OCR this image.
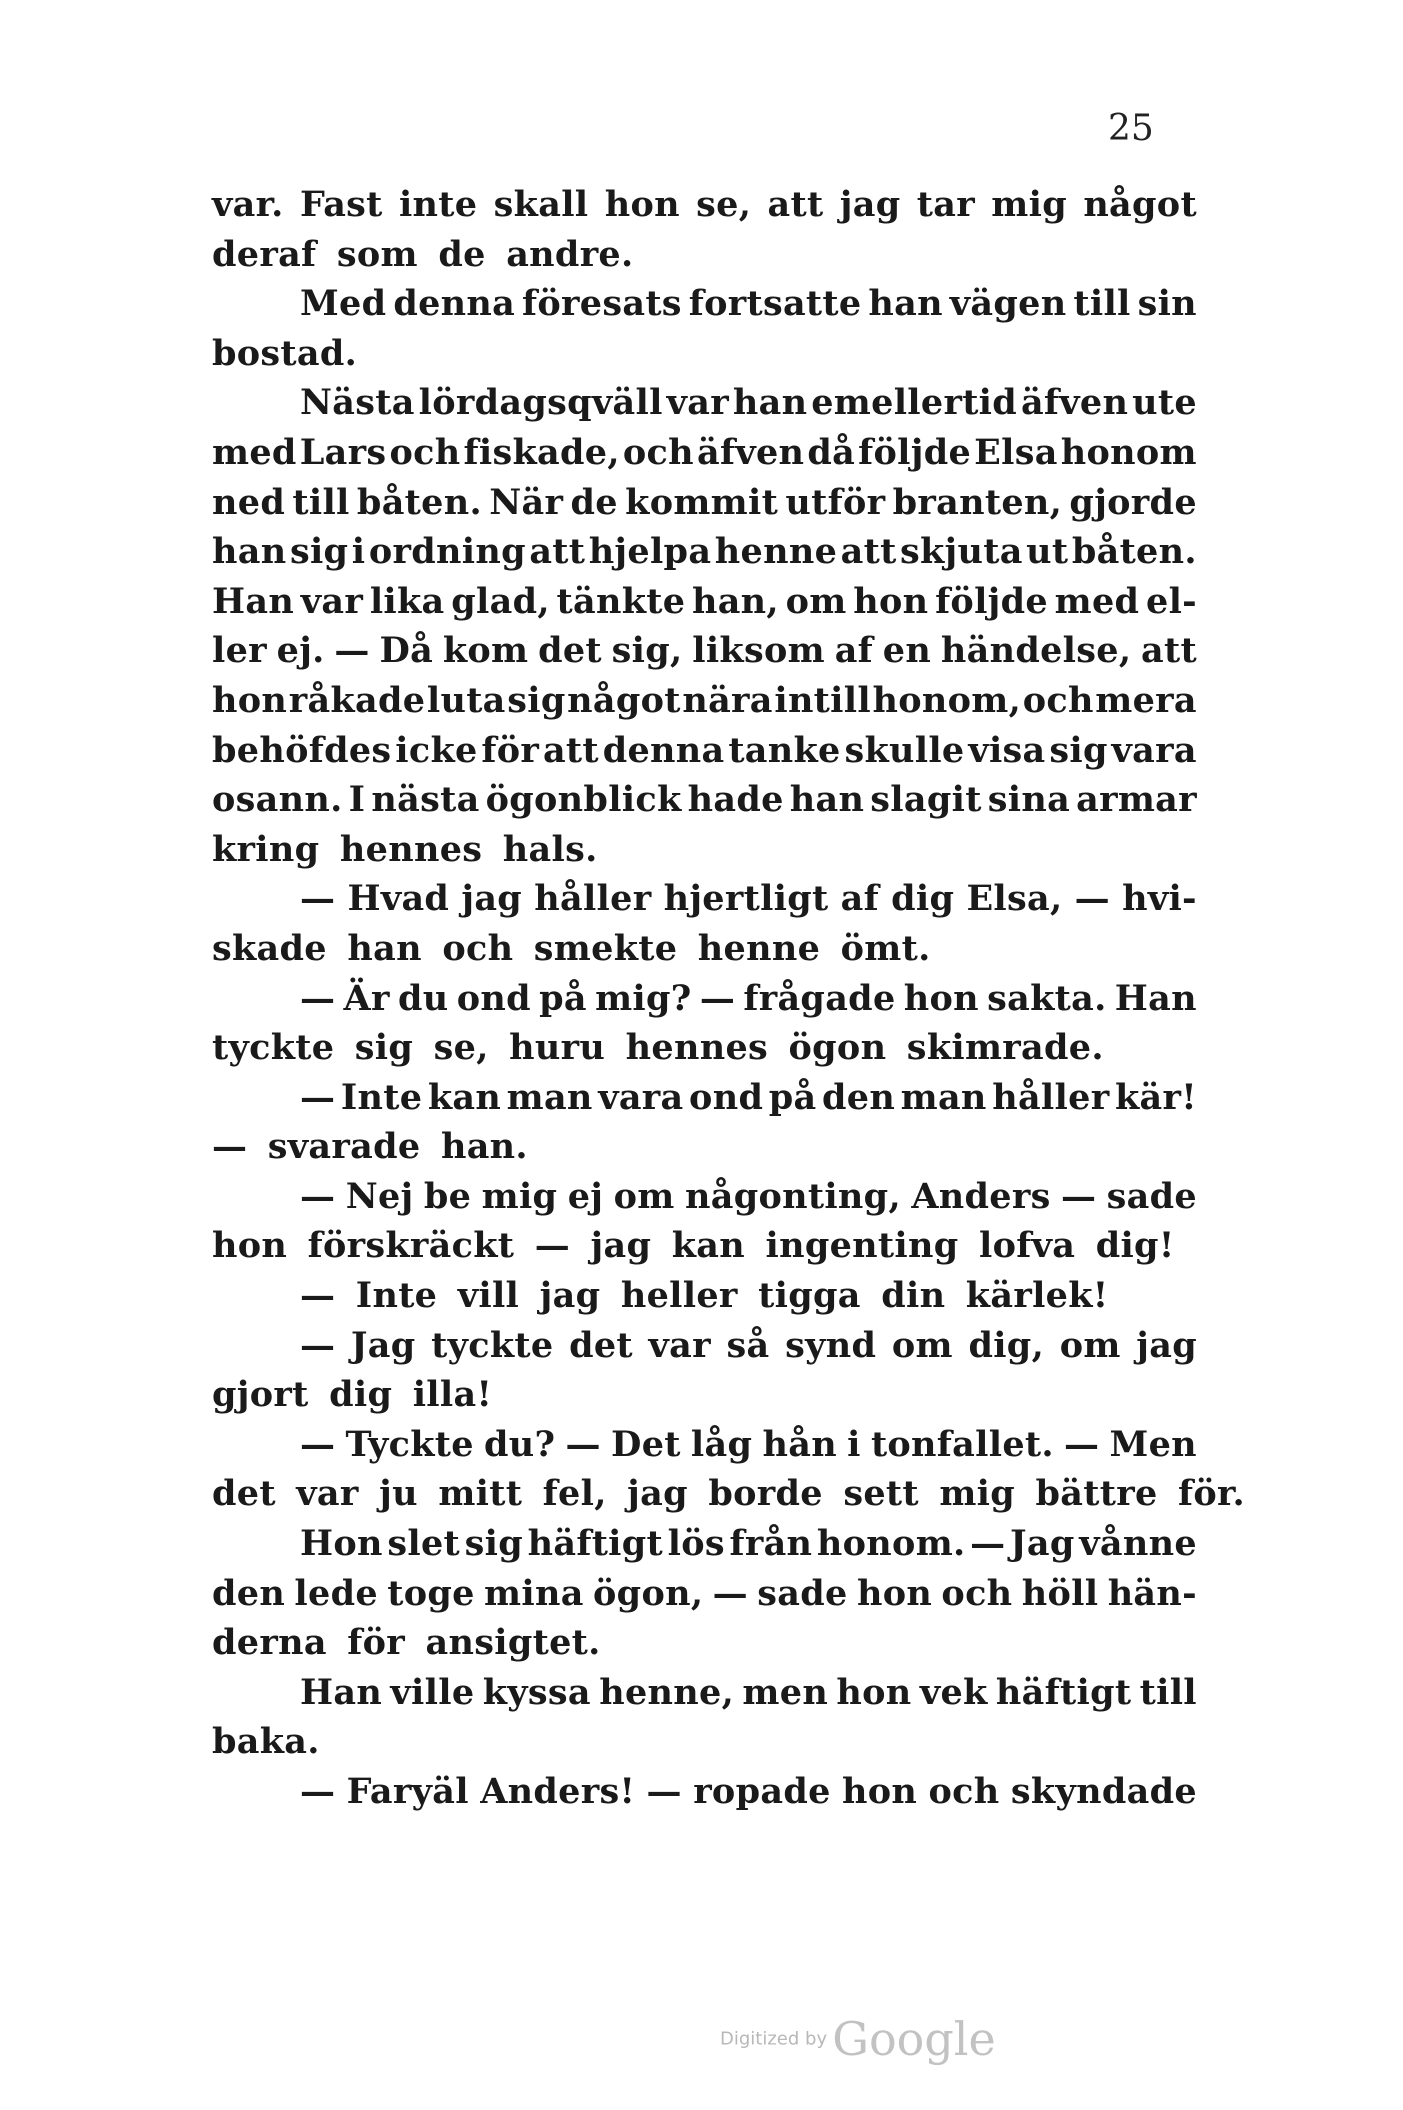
25
var. Fast inte skall hon se, att jag tar mig något
deraf som de andre.
Med denna föresats fortsatte han vägen till sin
bostad.
Nästa lördagsqväll var han emellertid äfven ute
med Lars och fiskade, och äfven då följde Elsa honom
ned till båten. När de kommit utför branten, gjorde
han sig i ordning att hjelpa henne att skjuta ut båten.
Han var lika glad, tänkte han, om hon följde med el-
ler ej. — Då kom det sig, liksom af en händelse, att
hon råkade luta sig något nära intill honom, och mera
behöfdes icke för att denna tanke skulle visa sig vara
osann. I nästa ögonblick hade han slagit sina armar
kring hennes hals.
— Hvad jag håller hjertligt af dig Elsa, — hvi-
skade han och smekte henne ömt.
— Är du ond på mig? — frågade hon sakta. Han
tyckte sig se, huru hennes ögon skimrade.
— Inte kan man vara ond på den man håller kär!
— svarade han.
— Nej be mig ej om någonting, Anders — sade
hon förskräckt — jag kan ingenting lofva dig!
— Inte vill jag heller tigga din kärlek!
— Jag tyckte det var så synd om dig, om jag
gjort dig illa!
— Tyckte du? — Det låg hån i tonfallet. — Men
det var ju mitt fel, jag borde sett mig bättre för.
Hon slet sig häftigt lös från honom. — Jag vånne
den lede toge mina ögon, — sade hon och höll hän-
derna för ansigtet.
Han ville kyssa henne, men hon vek häftigt till
baka.
— Faryäl Anders! — ropade hon och skyndade
Digitized by Google
